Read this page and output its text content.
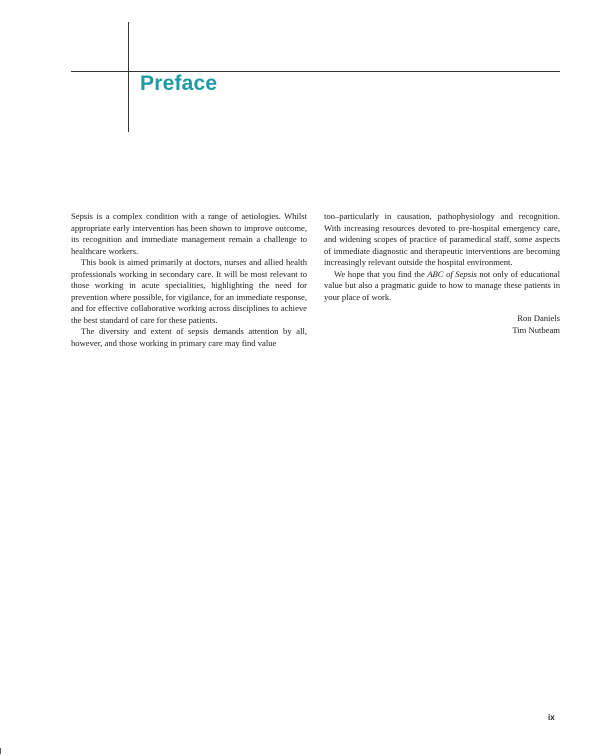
Preface

Sepsis is a complex condition with a range of aetiologies. Whilst appropriate early intervention has been shown to improve outcome, its recognition and immediate management remain a challenge to healthcare workers.

This book is aimed primarily at doctors, nurses and allied health professionals working in secondary care. It will be most relevant to those working in acute specialities, highlighting the need for prevention where possible, for vigilance, for an immediate response, and for effective collaborative working across disciplines to achieve the best standard of care for these patients.

The diversity and extent of sepsis demands attention by all, however, and those working in primary care may find value

too–particularly in causation, pathophysiology and recognition. With increasing resources devoted to pre-hospital emergency care, and widening scopes of practice of paramedical staff, some aspects of immediate diagnostic and therapeutic interventions are becoming increasingly relevant outside the hospital environment.

We hope that you find the ABC of Sepsis not only of educational value but also a pragmatic guide to how to manage these patients in your place of work.

Ron Daniels
Tim Nutbeam
ix
